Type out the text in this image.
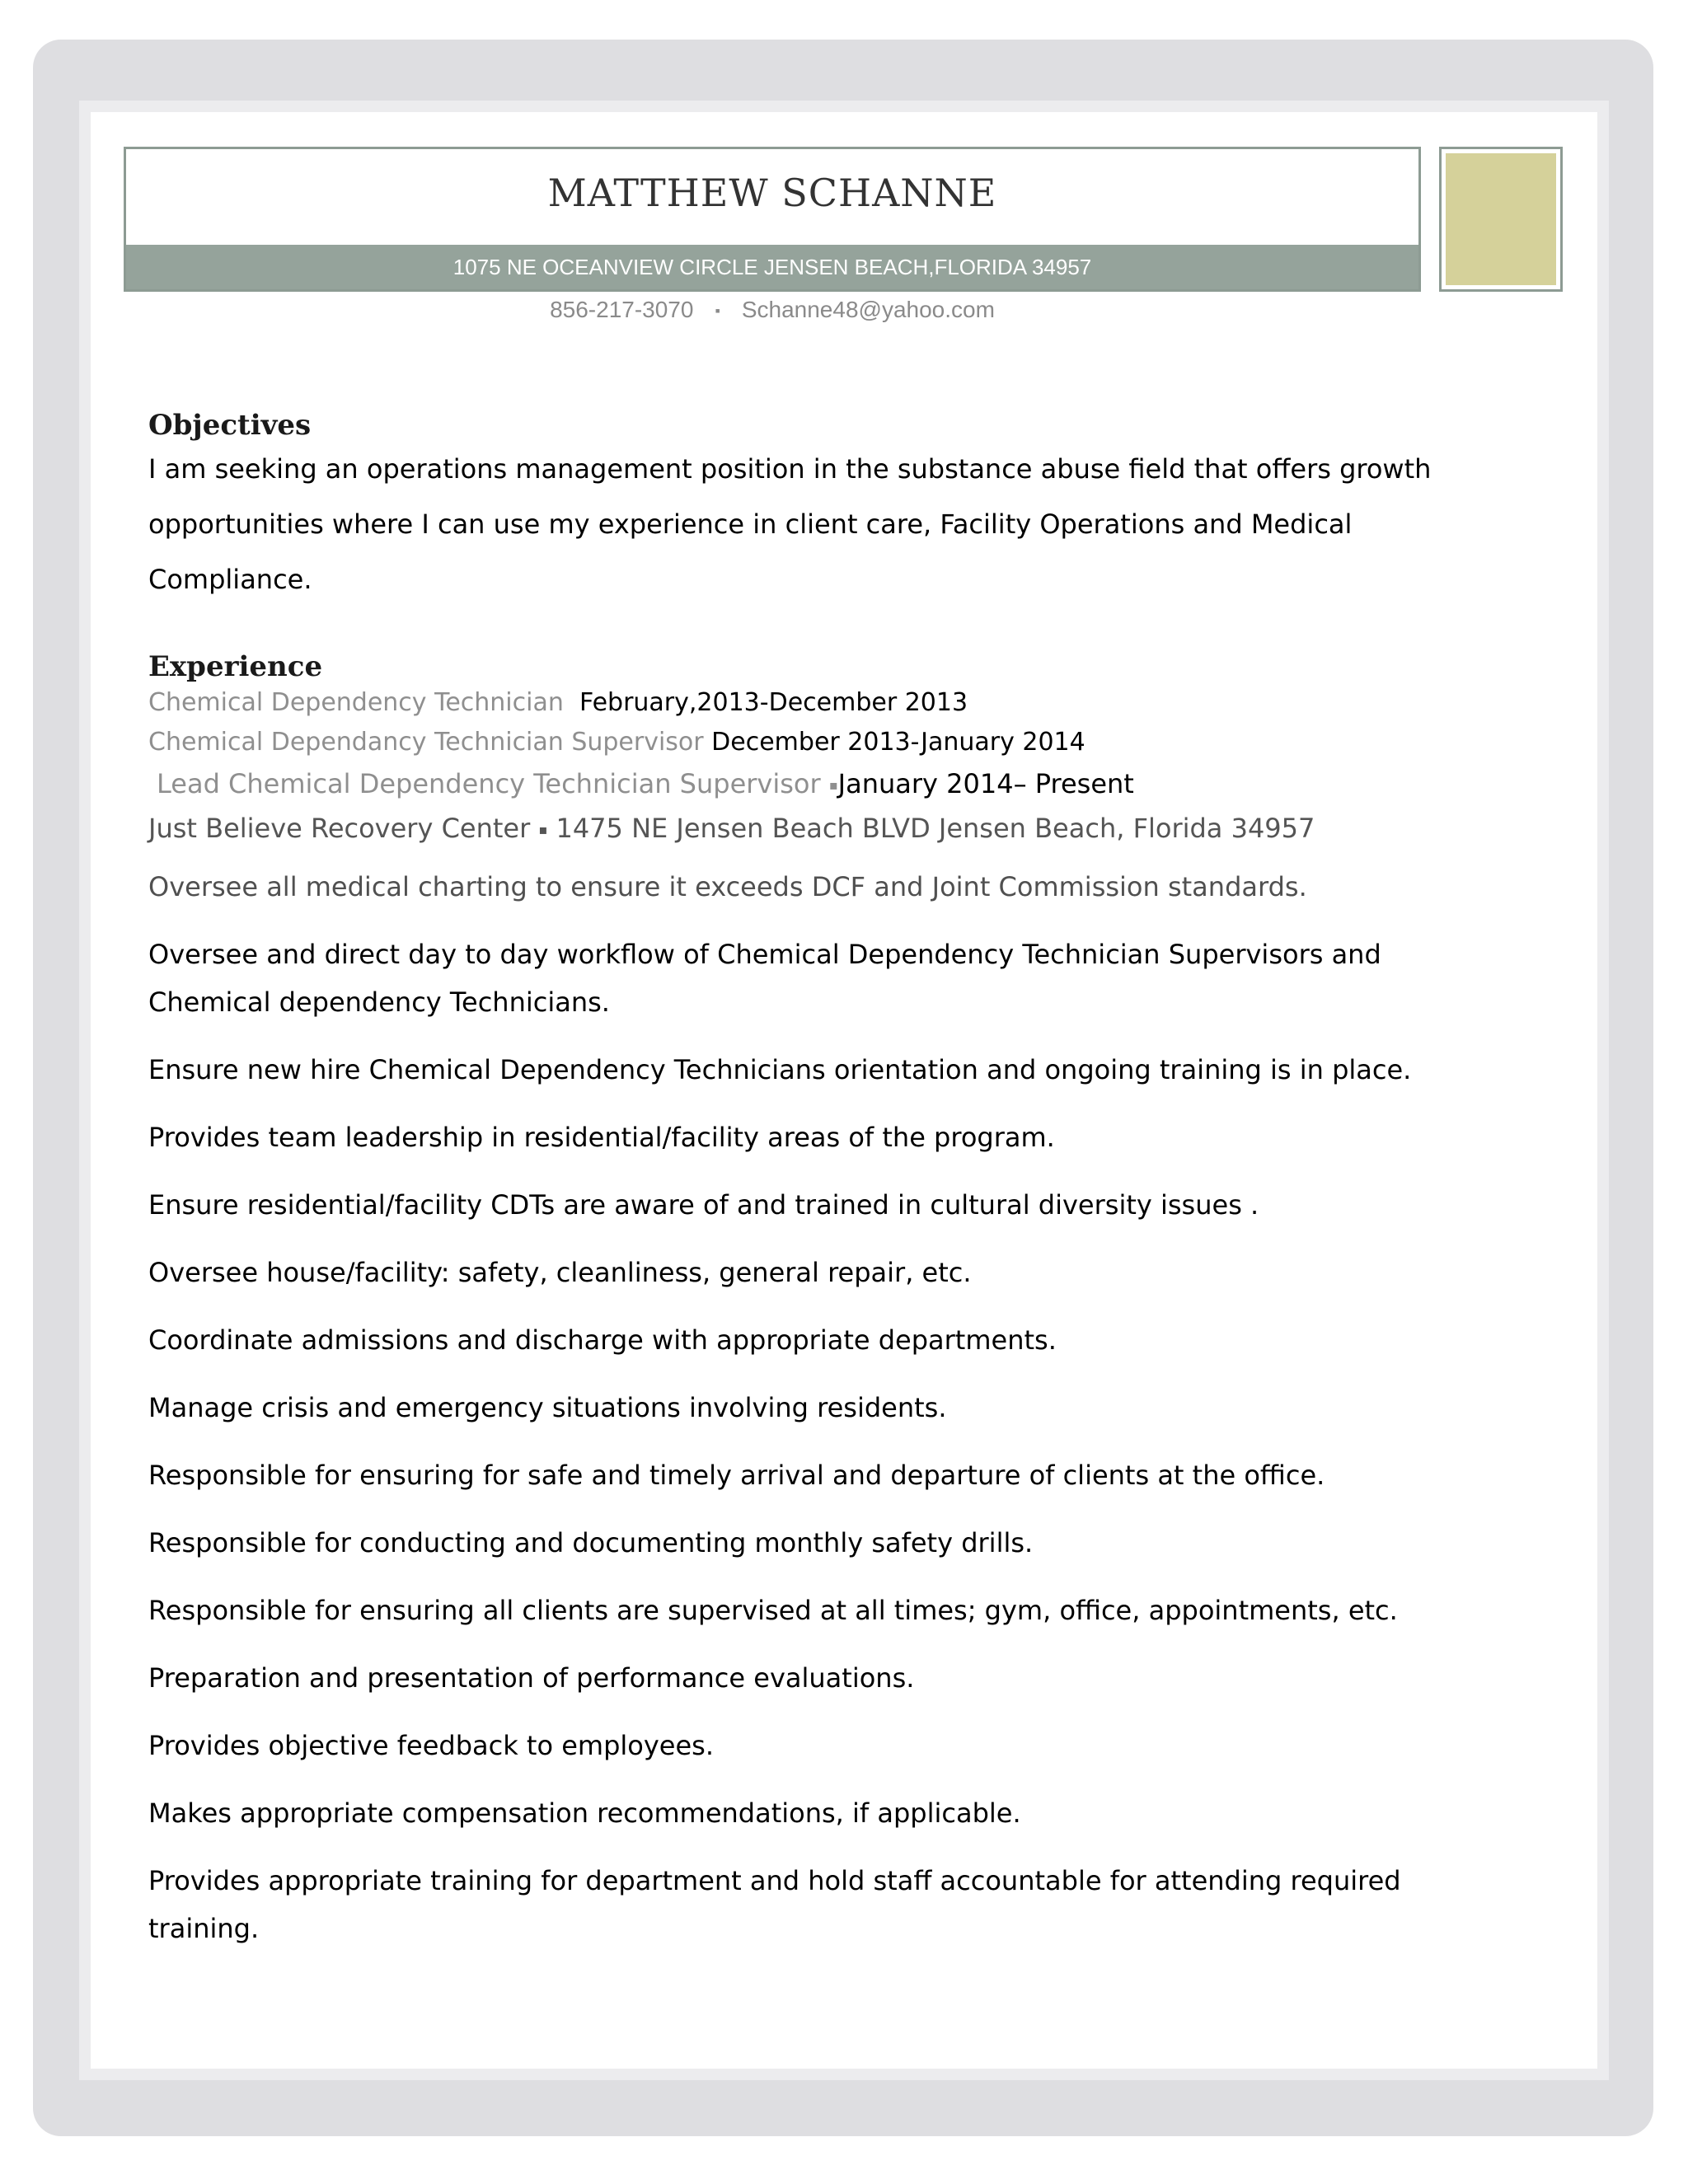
MATTHEW SCHANNE
1075 NE OCEANVIEW CIRCLE JENSEN BEACH,FLORIDA 34957
856-217-3070 ▪ Schanne48@yahoo.com
Objectives

I am seeking an operations management position in the substance abuse field that offers growth opportunities where I can use my experience in client care, Facility Operations and Medical Compliance.

Experience
Chemical Dependency Technician February,2013-December 2013
Chemical Dependancy Technician Supervisor December 2013-January 2014
Lead Chemical Dependency Technician Supervisor ▪January 2014– Present
Just Believe Recovery Center ▪ 1475 NE Jensen Beach BLVD Jensen Beach, Florida 34957
Oversee all medical charting to ensure it exceeds DCF and Joint Commission standards.
Oversee and direct day to day workflow of Chemical Dependency Technician Supervisors and Chemical dependency Technicians.
Ensure new hire Chemical Dependency Technicians orientation and ongoing training is in place.
Provides team leadership in residential/facility areas of the program.
Ensure residential/facility CDTs are aware of and trained in cultural diversity issues .
Oversee house/facility: safety, cleanliness, general repair, etc.
Coordinate admissions and discharge with appropriate departments.
Manage crisis and emergency situations involving residents.
Responsible for ensuring for safe and timely arrival and departure of clients at the office.
Responsible for conducting and documenting monthly safety drills.
Responsible for ensuring all clients are supervised at all times; gym, office, appointments, etc.
Preparation and presentation of performance evaluations.
Provides objective feedback to employees.
Makes appropriate compensation recommendations, if applicable.
Provides appropriate training for department and hold staff accountable for attending required training.
